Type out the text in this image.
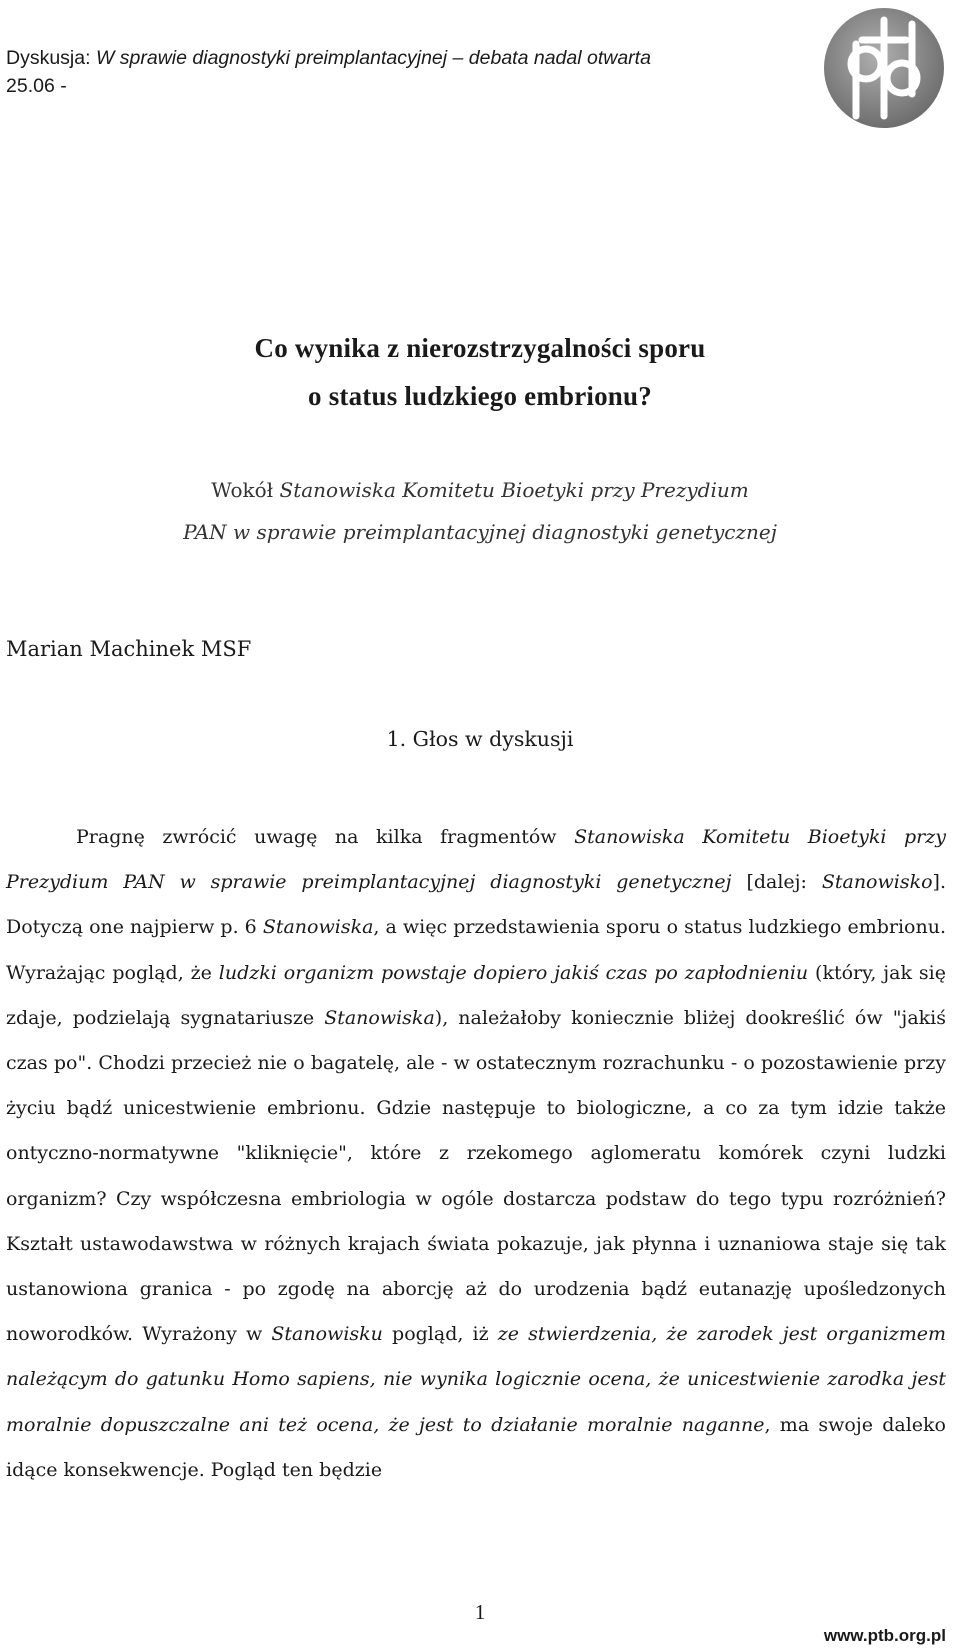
Dyskusja: W sprawie diagnostyki preimplantacyjnej – debata nadal otwarta
25.06 -
Co wynika z nierozstrzygalności sporu
o status ludzkiego embrionu?
Wokół Stanowiska Komitetu Bioetyki przy Prezydium
PAN w sprawie preimplantacyjnej diagnostyki genetycznej
Marian Machinek MSF
1. Głos w dyskusji
Pragnę zwrócić uwagę na kilka fragmentów Stanowiska Komitetu Bioetyki przy Prezydium PAN w sprawie preimplantacyjnej diagnostyki genetycznej [dalej: Stanowisko]. Dotyczą one najpierw p. 6 Stanowiska, a więc przedstawienia sporu o status ludzkiego embrionu. Wyrażając pogląd, że ludzki organizm powstaje dopiero jakiś czas po zapłodnieniu (który, jak się zdaje, podzielają sygnatariusze Stanowiska), należałoby koniecznie bliżej dookreślić ów "jakiś czas po". Chodzi przecież nie o bagatelę, ale - w ostatecznym rozrachunku - o pozostawienie przy życiu bądź unicestwienie embrionu. Gdzie następuje to biologiczne, a co za tym idzie także ontyczno-normatywne "kliknięcie", które z rzekomego aglomeratu komórek czyni ludzki organizm? Czy współczesna embriologia w ogóle dostarcza podstaw do tego typu rozróżnień? Kształt ustawodawstwa w różnych krajach świata pokazuje, jak płynna i uznaniowa staje się tak ustanowiona granica - po zgodę na aborcję aż do urodzenia bądź eutanazję upośledzonych noworodków. Wyrażony w Stanowisku pogląd, iż ze stwierdzenia, że zarodek jest organizmem należącym do gatunku Homo sapiens, nie wynika logicznie ocena, że unicestwienie zarodka jest moralnie dopuszczalne ani też ocena, że jest to działanie moralnie naganne, ma swoje daleko idące konsekwencje. Pogląd ten będzie
1
www.ptb.org.pl
